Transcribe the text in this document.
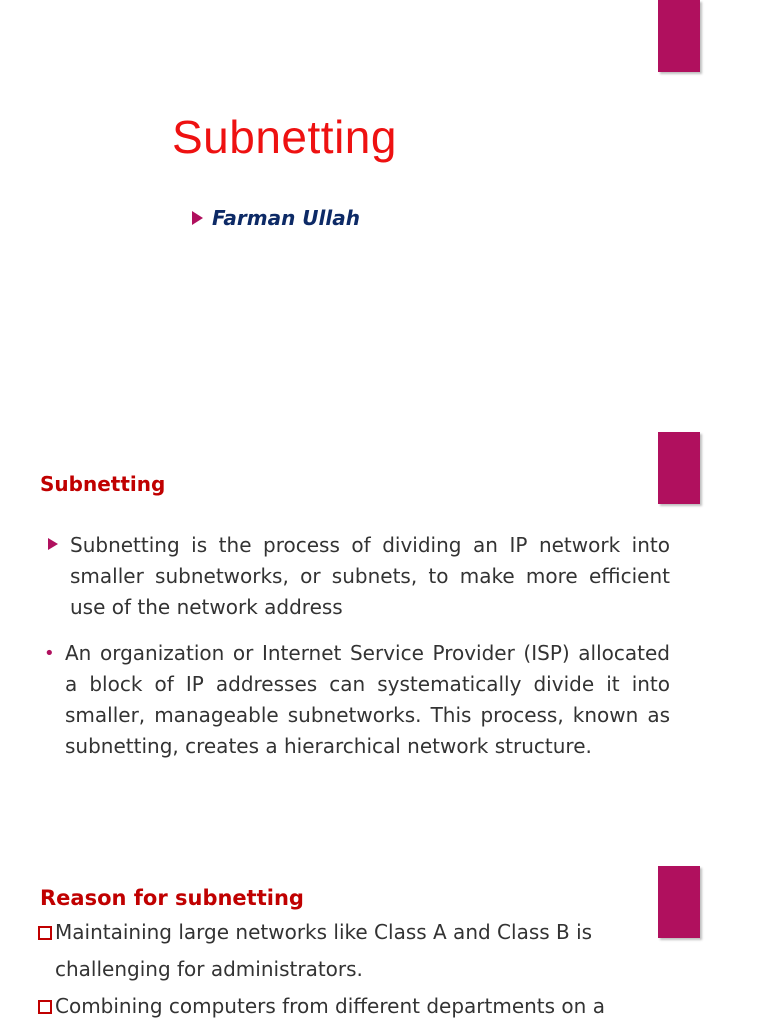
Subnetting
Farman Ullah
Subnetting
Subnetting is the process of dividing an IP network into smaller subnetworks, or subnets, to make more efficient use of the network address
• An organization or Internet Service Provider (ISP) allocated a block of IP addresses can systematically divide it into smaller, manageable subnetworks. This process, known as subnetting, creates a hierarchical network structure.
Reason for subnetting
Maintaining large networks like Class A and Class B is
challenging for administrators.
Combining computers from different departments on a
